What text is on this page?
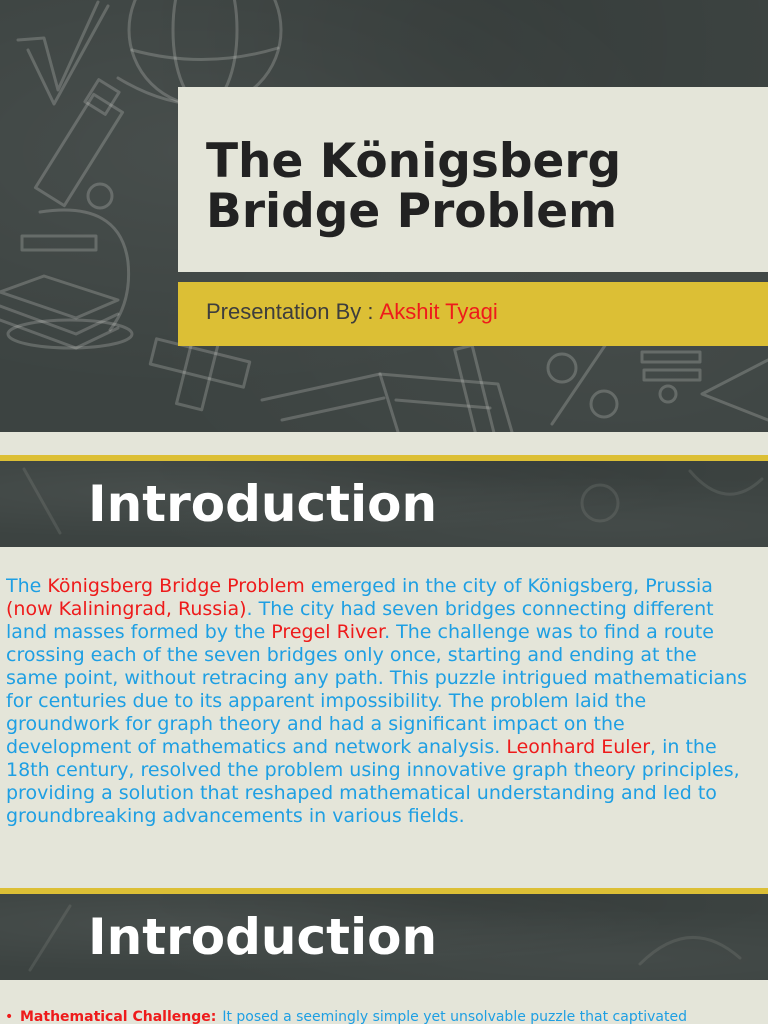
The Königsberg Bridge Problem
Presentation By : Akshit Tyagi
Introduction
The Königsberg Bridge Problem emerged in the city of Königsberg, Prussia
(now Kaliningrad, Russia). The city had seven bridges connecting different
land masses formed by the Pregel River. The challenge was to find a route
crossing each of the seven bridges only once, starting and ending at the
same point, without retracing any path. This puzzle intrigued mathematicians
for centuries due to its apparent impossibility. The problem laid the
groundwork for graph theory and had a significant impact on the
development of mathematics and network analysis. Leonhard Euler, in the
18th century, resolved the problem using innovative graph theory principles,
providing a solution that reshaped mathematical understanding and led to
groundbreaking advancements in various fields.
Introduction
• Mathematical Challenge: It posed a seemingly simple yet unsolvable puzzle that captivated
